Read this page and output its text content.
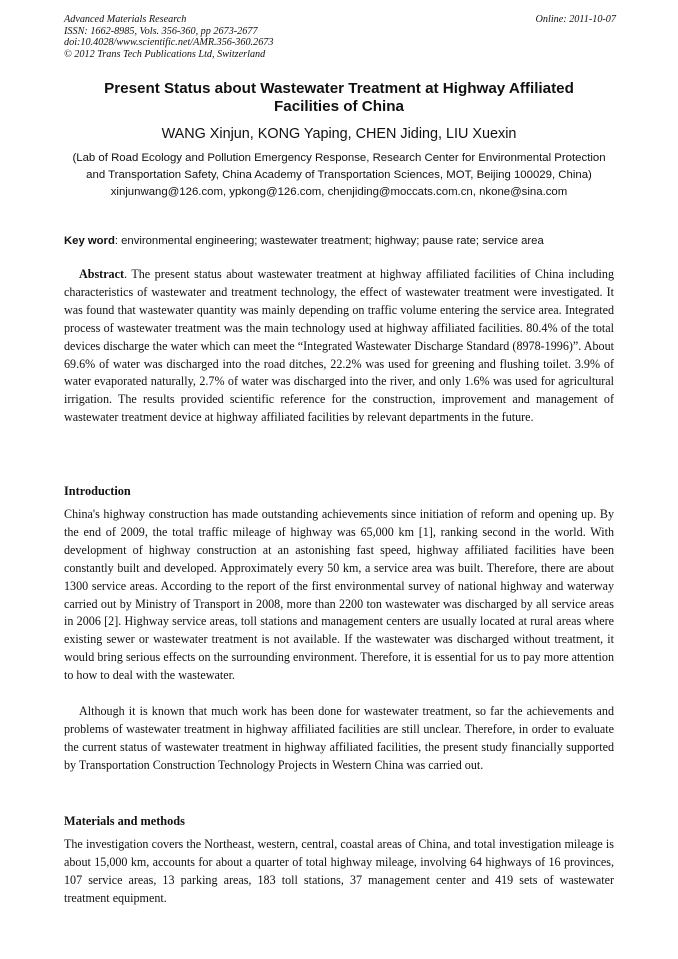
Advanced Materials Research
ISSN: 1662-8985, Vols. 356-360, pp 2673-2677
doi:10.4028/www.scientific.net/AMR.356-360.2673
© 2012 Trans Tech Publications Ltd, Switzerland
Online: 2011-10-07
Present Status about Wastewater Treatment at Highway Affiliated Facilities of China
WANG Xinjun, KONG Yaping, CHEN Jiding, LIU Xuexin
(Lab of Road Ecology and Pollution Emergency Response, Research Center for Environmental Protection and Transportation Safety, China Academy of Transportation Sciences, MOT, Beijing 100029, China)
xinjunwang@126.com, ypkong@126.com, chenjiding@moccats.com.cn, nkone@sina.com
Key word: environmental engineering; wastewater treatment; highway; pause rate; service area

Abstract. The present status about wastewater treatment at highway affiliated facilities of China including characteristics of wastewater and treatment technology, the effect of wastewater treatment were investigated. It was found that wastewater quantity was mainly depending on traffic volume entering the service area. Integrated process of wastewater treatment was the main technology used at highway affiliated facilities. 80.4% of the total devices discharge the water which can meet the “Integrated Wastewater Discharge Standard (8978-1996)”. About 69.6% of water was discharged into the road ditches, 22.2% was used for greening and flushing toilet. 3.9% of water evaporated naturally, 2.7% of water was discharged into the river, and only 1.6% was used for agricultural irrigation. The results provided scientific reference for the construction, improvement and management of wastewater treatment device at highway affiliated facilities by relevant departments in the future.

Introduction

China's highway construction has made outstanding achievements since initiation of reform and opening up. By the end of 2009, the total traffic mileage of highway was 65,000 km [1], ranking second in the world. With development of highway construction at an astonishing fast speed, highway affiliated facilities have been constantly built and developed. Approximately every 50 km, a service area was built. Therefore, there are about 1300 service areas. According to the report of the first environmental survey of national highway and waterway carried out by Ministry of Transport in 2008, more than 2200 ton wastewater was discharged by all service areas in 2006 [2]. Highway service areas, toll stations and management centers are usually located at rural areas where existing sewer or wastewater treatment is not available. If the wastewater was discharged without treatment, it would bring serious effects on the surrounding environment. Therefore, it is essential for us to pay more attention to how to deal with the wastewater.

Although it is known that much work has been done for wastewater treatment, so far the achievements and problems of wastewater treatment in highway affiliated facilities are still unclear. Therefore, in order to evaluate the current status of wastewater treatment in highway affiliated facilities, the present study financially supported by Transportation Construction Technology Projects in Western China was carried out.

Materials and methods

The investigation covers the Northeast, western, central, coastal areas of China, and total investigation mileage is about 15,000 km, accounts for about a quarter of total highway mileage, involving 64 highways of 16 provinces, 107 service areas, 13 parking areas, 183 toll stations, 37 management center and 419 sets of wastewater treatment equipment.
